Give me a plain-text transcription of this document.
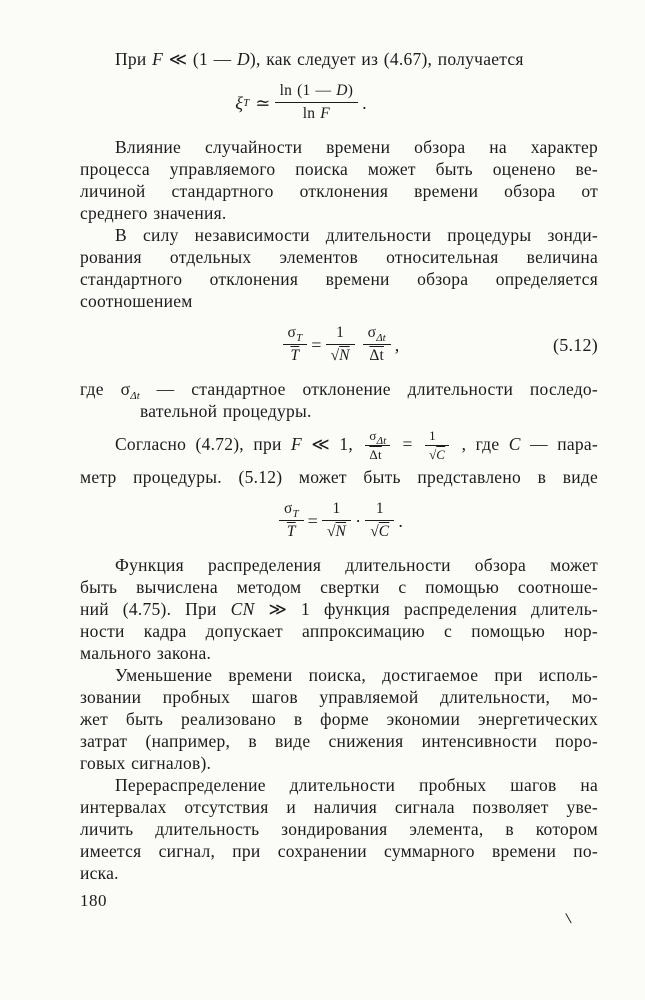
При F ≪ (1 — D), как следует из (4.67), получается
ξ T ≃ $\frac{\ln (1 — D)}{\text{ln F}}$ .
Влияние случайности времени обзора на характер
процесса управляемого поиска может быть оценено ве-
личиной стандартного отклонения времени обзора от
среднего значения.
В силу независимости длительности процедуры зонди-
рования отдельных элементов относительная величина
стандартного отклонения времени обзора определяется
соотношением
$\frac{\sigma_T}{T} = \frac{1}{√N} \frac{\sigma_{\Delta t}}{\Delta t}$ ,	(5.12)
где $\sigma_{\Delta t}$ — стандартное отклонение длительности последо-
вательной процедуры.
Согласно (4.72), при F ≪ 1, $\frac{\sigma_{\Delta t}}{\Delta t} = \frac{1}{√C}$ , где C — пара-
метр процедуры. (5.12) может быть представлено в виде
$\frac{\sigma_T}{T} = \frac{1}{√N} \cdot \frac{1}{√C}$ .
Функция распределения длительности обзора может
быть вычислена методом свертки с помощью соотноше-
ний (4.75). При CN ≫ 1 функция распределения длитель-
ности кадра допускает аппроксимацию с помощью нор-
мального закона.
Уменьшение времени поиска, достигаемое при исполь-
зовании пробных шагов управляемой длительности, мо-
жет быть реализовано в форме экономии энергетических
затрат (например, в виде снижения интенсивности поро-
говых сигналов).
Перераспределение длительности пробных шагов на
интервалах отсутствия и наличия сигнала позволяет уве-
личить длительность зондирования элемента, в котором
имеется сигнал, при сохранении суммарного времени по-
иска.
180
∖
